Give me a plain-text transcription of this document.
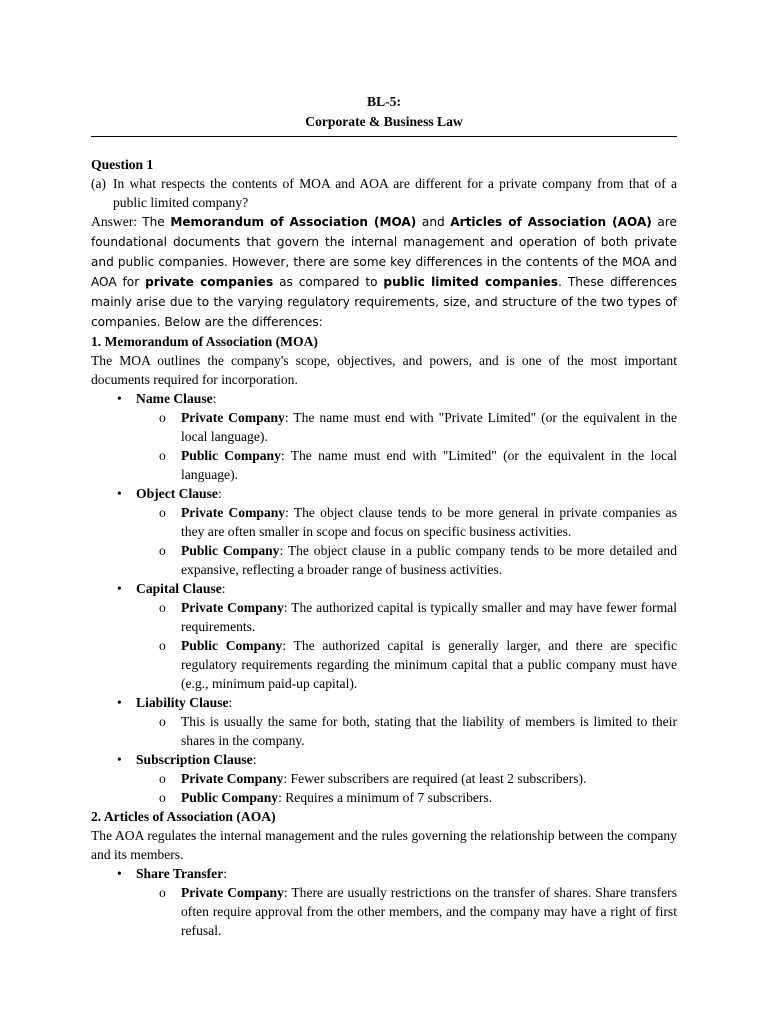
BL-5:
Corporate & Business Law
Question 1
(a) In what respects the contents of MOA and AOA are different for a private company from that of a public limited company?
Answer: The Memorandum of Association (MOA) and Articles of Association (AOA) are foundational documents that govern the internal management and operation of both private and public companies. However, there are some key differences in the contents of the MOA and AOA for private companies as compared to public limited companies. These differences mainly arise due to the varying regulatory requirements, size, and structure of the two types of companies. Below are the differences:
1. Memorandum of Association (MOA)
The MOA outlines the company's scope, objectives, and powers, and is one of the most important documents required for incorporation.
• Name Clause:
o Private Company: The name must end with "Private Limited" (or the equivalent in the local language).
o Public Company: The name must end with "Limited" (or the equivalent in the local language).
• Object Clause:
o Private Company: The object clause tends to be more general in private companies as they are often smaller in scope and focus on specific business activities.
o Public Company: The object clause in a public company tends to be more detailed and expansive, reflecting a broader range of business activities.
• Capital Clause:
o Private Company: The authorized capital is typically smaller and may have fewer formal requirements.
o Public Company: The authorized capital is generally larger, and there are specific regulatory requirements regarding the minimum capital that a public company must have (e.g., minimum paid-up capital).
• Liability Clause:
o This is usually the same for both, stating that the liability of members is limited to their shares in the company.
• Subscription Clause:
o Private Company: Fewer subscribers are required (at least 2 subscribers).
o Public Company: Requires a minimum of 7 subscribers.
2. Articles of Association (AOA)
The AOA regulates the internal management and the rules governing the relationship between the company and its members.
• Share Transfer:
o Private Company: There are usually restrictions on the transfer of shares. Share transfers often require approval from the other members, and the company may have a right of first refusal.
